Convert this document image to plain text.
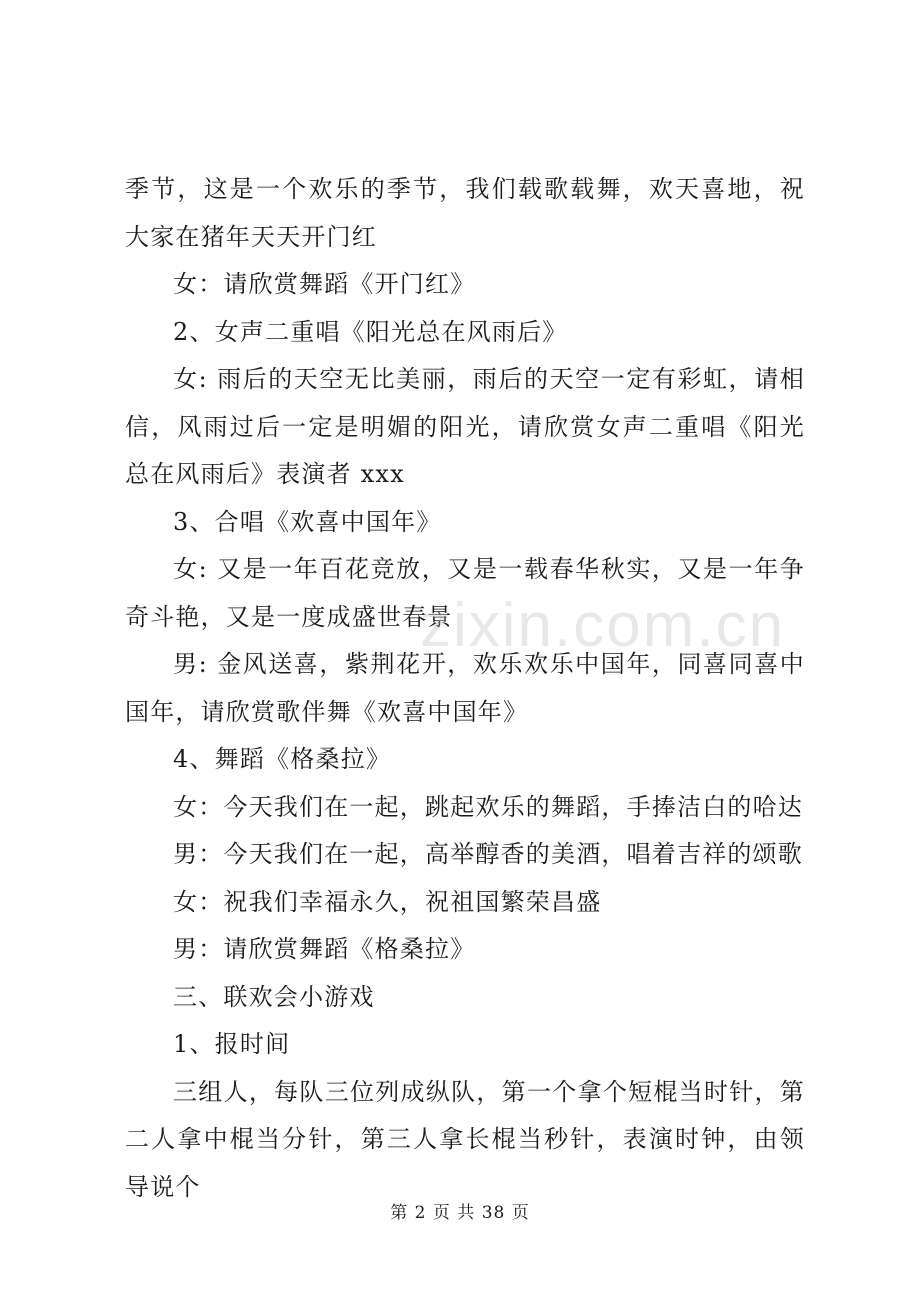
季节，这是一个欢乐的季节，我们载歌载舞，欢天喜地，祝大家在猪年天天开门红

女：请欣赏舞蹈《开门红》

2、女声二重唱《阳光总在风雨后》

女: 雨后的天空无比美丽，雨后的天空一定有彩虹，请相信，风雨过后一定是明媚的阳光，请欣赏女声二重唱《阳光总在风雨后》表演者 xxx

3、合唱《欢喜中国年》

女: 又是一年百花竞放，又是一载春华秋实，又是一年争奇斗艳，又是一度成盛世春景

男: 金风送喜，紫荆花开，欢乐欢乐中国年，同喜同喜中国年，请欣赏歌伴舞《欢喜中国年》

4、舞蹈《格桑拉》

女：今天我们在一起，跳起欢乐的舞蹈，手捧洁白的哈达

男：今天我们在一起，高举醇香的美酒，唱着吉祥的颂歌

女：祝我们幸福永久，祝祖国繁荣昌盛

男：请欣赏舞蹈《格桑拉》

三、联欢会小游戏

1、报时间

三组人，每队三位列成纵队，第一个拿个短棍当时针，第二人拿中棍当分针，第三人拿长棍当秒针，表演时钟，由领导说个

zixin.com.cn
第 2 页 共 38 页
